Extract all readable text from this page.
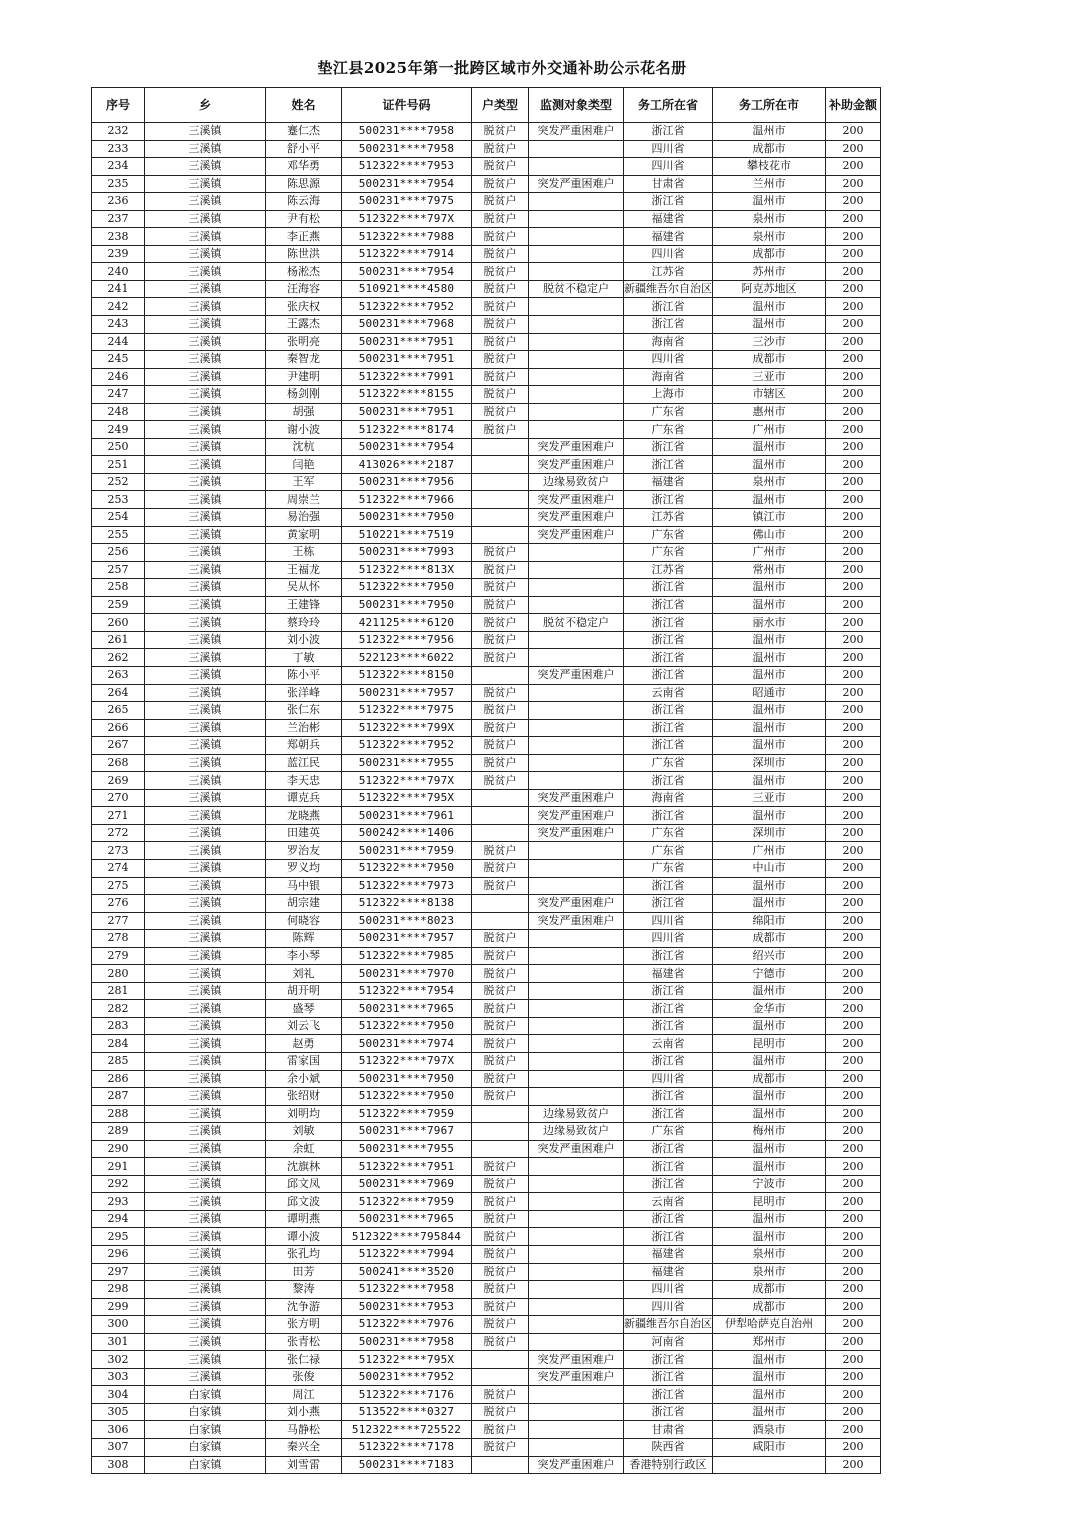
垫江县2025年第一批跨区域市外交通补助公示花名册
序号	乡	姓名	证件号码	户类型	监测对象类型	务工所在省	务工所在市	补助金额
232	三溪镇	蹇仁杰	500231****7958	脱贫户	突发严重困难户	浙江省	温州市	200
233	三溪镇	舒小平	500231****7958	脱贫户		四川省	成都市	200
234	三溪镇	邓华勇	512322****7953	脱贫户		四川省	攀枝花市	200
235	三溪镇	陈思源	500231****7954	脱贫户	突发严重困难户	甘肃省	兰州市	200
236	三溪镇	陈云海	500231****7975	脱贫户		浙江省	温州市	200
237	三溪镇	尹有松	512322****797X	脱贫户		福建省	泉州市	200
238	三溪镇	李正燕	512322****7988	脱贫户		福建省	泉州市	200
239	三溪镇	陈世洪	512322****7914	脱贫户		四川省	成都市	200
240	三溪镇	杨淞杰	500231****7954	脱贫户		江苏省	苏州市	200
241	三溪镇	汪海容	510921****4580	脱贫户	脱贫不稳定户	新疆维吾尔自治区	阿克苏地区	200
242	三溪镇	张庆权	512322****7952	脱贫户		浙江省	温州市	200
243	三溪镇	王露杰	500231****7968	脱贫户		浙江省	温州市	200
244	三溪镇	张明亮	500231****7951	脱贫户		海南省	三沙市	200
245	三溪镇	秦智龙	500231****7951	脱贫户		四川省	成都市	200
246	三溪镇	尹建明	512322****7991	脱贫户		海南省	三亚市	200
247	三溪镇	杨剑刚	512322****8155	脱贫户		上海市	市辖区	200
248	三溪镇	胡强	500231****7951	脱贫户		广东省	惠州市	200
249	三溪镇	谢小波	512322****8174	脱贫户		广东省	广州市	200
250	三溪镇	沈杭	500231****7954		突发严重困难户	浙江省	温州市	200
251	三溪镇	闫艳	413026****2187		突发严重困难户	浙江省	温州市	200
252	三溪镇	王军	500231****7956		边缘易致贫户	福建省	泉州市	200
253	三溪镇	周崇兰	512322****7966		突发严重困难户	浙江省	温州市	200
254	三溪镇	易治强	500231****7950		突发严重困难户	江苏省	镇江市	200
255	三溪镇	黄家明	510221****7519		突发严重困难户	广东省	佛山市	200
256	三溪镇	王栋	500231****7993	脱贫户		广东省	广州市	200
257	三溪镇	王福龙	512322****813X	脱贫户		江苏省	常州市	200
258	三溪镇	吴从怀	512322****7950	脱贫户		浙江省	温州市	200
259	三溪镇	王建锋	500231****7950	脱贫户		浙江省	温州市	200
260	三溪镇	蔡玲玲	421125****6120	脱贫户	脱贫不稳定户	浙江省	丽水市	200
261	三溪镇	刘小波	512322****7956	脱贫户		浙江省	温州市	200
262	三溪镇	丁敏	522123****6022	脱贫户		浙江省	温州市	200
263	三溪镇	陈小平	512322****8150		突发严重困难户	浙江省	温州市	200
264	三溪镇	张洋峰	500231****7957	脱贫户		云南省	昭通市	200
265	三溪镇	张仁东	512322****7975	脱贫户		浙江省	温州市	200
266	三溪镇	兰治彬	512322****799X	脱贫户		浙江省	温州市	200
267	三溪镇	郑朝兵	512322****7952	脱贫户		浙江省	温州市	200
268	三溪镇	蓝江民	500231****7955	脱贫户		广东省	深圳市	200
269	三溪镇	李天忠	512322****797X	脱贫户		浙江省	温州市	200
270	三溪镇	谭克兵	512322****795X		突发严重困难户	海南省	三亚市	200
271	三溪镇	龙晓燕	500231****7961		突发严重困难户	浙江省	温州市	200
272	三溪镇	田建英	500242****1406		突发严重困难户	广东省	深圳市	200
273	三溪镇	罗治友	500231****7959	脱贫户		广东省	广州市	200
274	三溪镇	罗义均	512322****7950	脱贫户		广东省	中山市	200
275	三溪镇	马中银	512322****7973	脱贫户		浙江省	温州市	200
276	三溪镇	胡宗建	512322****8138		突发严重困难户	浙江省	温州市	200
277	三溪镇	何晓容	500231****8023		突发严重困难户	四川省	绵阳市	200
278	三溪镇	陈辉	500231****7957	脱贫户		四川省	成都市	200
279	三溪镇	李小琴	512322****7985	脱贫户		浙江省	绍兴市	200
280	三溪镇	刘礼	500231****7970	脱贫户		福建省	宁德市	200
281	三溪镇	胡开明	512322****7954	脱贫户		浙江省	温州市	200
282	三溪镇	盛琴	500231****7965	脱贫户		浙江省	金华市	200
283	三溪镇	刘云飞	512322****7950	脱贫户		浙江省	温州市	200
284	三溪镇	赵勇	500231****7974	脱贫户		云南省	昆明市	200
285	三溪镇	雷家国	512322****797X	脱贫户		浙江省	温州市	200
286	三溪镇	余小斌	500231****7950	脱贫户		四川省	成都市	200
287	三溪镇	张绍财	512322****7950	脱贫户		浙江省	温州市	200
288	三溪镇	刘明均	512322****7959		边缘易致贫户	浙江省	温州市	200
289	三溪镇	刘敏	500231****7967		边缘易致贫户	广东省	梅州市	200
290	三溪镇	余虹	500231****7955		突发严重困难户	浙江省	温州市	200
291	三溪镇	沈旗林	512322****7951	脱贫户		浙江省	温州市	200
292	三溪镇	邱文凤	500231****7969	脱贫户		浙江省	宁波市	200
293	三溪镇	邱文波	512322****7959	脱贫户		云南省	昆明市	200
294	三溪镇	谭明燕	500231****7965	脱贫户		浙江省	温州市	200
295	三溪镇	谭小波	512322****795844	脱贫户		浙江省	温州市	200
296	三溪镇	张孔均	512322****7994	脱贫户		福建省	泉州市	200
297	三溪镇	田芳	500241****3520	脱贫户		福建省	泉州市	200
298	三溪镇	黎涛	512322****7958	脱贫户		四川省	成都市	200
299	三溪镇	沈争游	500231****7953	脱贫户		四川省	成都市	200
300	三溪镇	张方明	512322****7976	脱贫户		新疆维吾尔自治区	伊犁哈萨克自治州	200
301	三溪镇	张青松	500231****7958	脱贫户		河南省	郑州市	200
302	三溪镇	张仁禄	512322****795X		突发严重困难户	浙江省	温州市	200
303	三溪镇	张俊	500231****7952		突发严重困难户	浙江省	温州市	200
304	白家镇	周江	512322****7176	脱贫户		浙江省	温州市	200
305	白家镇	刘小燕	513522****0327	脱贫户		浙江省	温州市	200
306	白家镇	马静松	512322****725522	脱贫户		甘肃省	酒泉市	200
307	白家镇	秦兴全	512322****7178	脱贫户		陕西省	咸阳市	200
308	白家镇	刘雪雷	500231****7183		突发严重困难户	香港特别行政区		200
